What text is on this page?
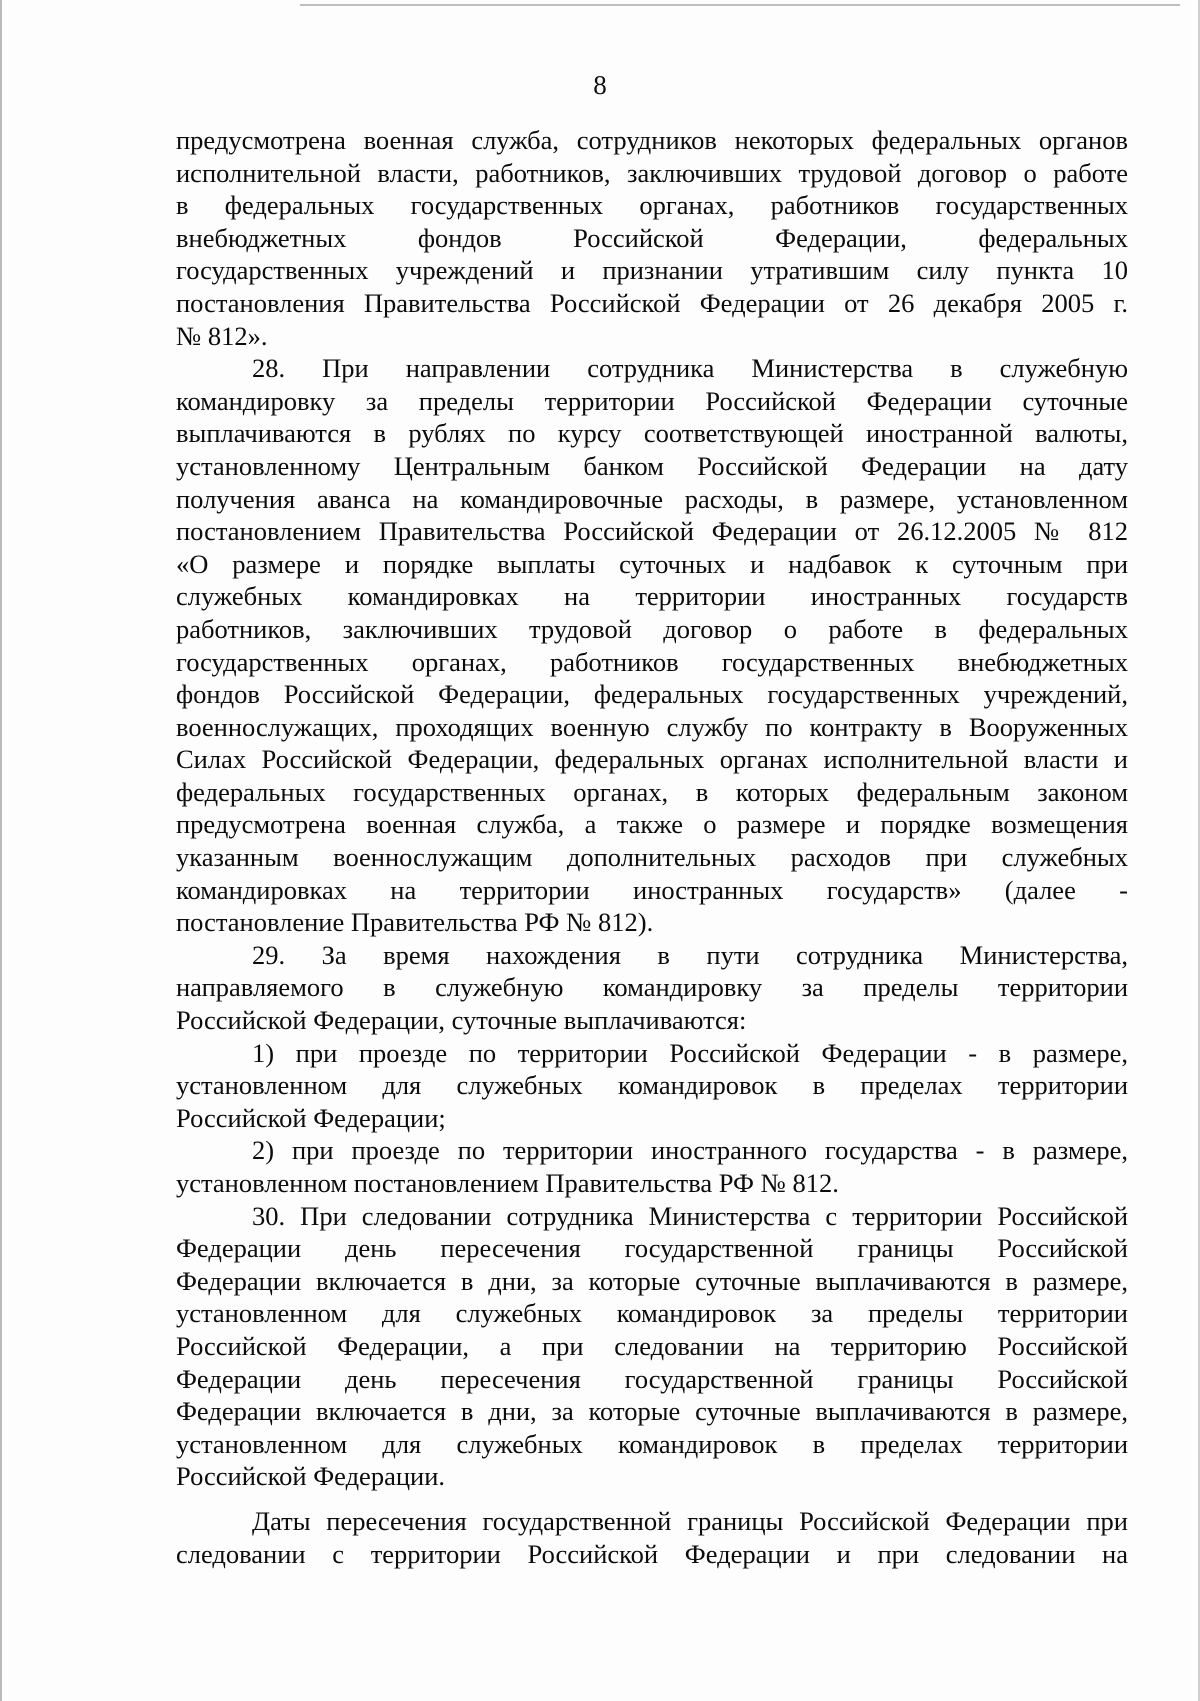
8

предусмотрена военная служба, сотрудников некоторых федеральных органов
исполнительной власти, работников, заключивших трудовой договор о работе
в федеральных государственных органах, работников государственных
внебюджетных фондов Российской Федерации, федеральных
государственных учреждений и признании утратившим силу пункта 10
постановления Правительства Российской Федерации от 26 декабря 2005 г.
№ 812».
28. При направлении сотрудника Министерства в служебную
командировку за пределы территории Российской Федерации суточные
выплачиваются в рублях по курсу соответствующей иностранной валюты,
установленному Центральным банком Российской Федерации на дату
получения аванса на командировочные расходы, в размере, установленном
постановлением Правительства Российской Федерации от 26.12.2005 № 812
«О размере и порядке выплаты суточных и надбавок к суточным при
служебных командировках на территории иностранных государств
работников, заключивших трудовой договор о работе в федеральных
государственных органах, работников государственных внебюджетных
фондов Российской Федерации, федеральных государственных учреждений,
военнослужащих, проходящих военную службу по контракту в Вооруженных
Силах Российской Федерации, федеральных органах исполнительной власти и
федеральных государственных органах, в которых федеральным законом
предусмотрена военная служба, а также о размере и порядке возмещения
указанным военнослужащим дополнительных расходов при служебных
командировках на территории иностранных государств» (далее -
постановление Правительства РФ № 812).
29. За время нахождения в пути сотрудника Министерства,
направляемого в служебную командировку за пределы территории
Российской Федерации, суточные выплачиваются:
1) при проезде по территории Российской Федерации - в размере,
установленном для служебных командировок в пределах территории
Российской Федерации;
2) при проезде по территории иностранного государства - в размере,
установленном постановлением Правительства РФ № 812.
30. При следовании сотрудника Министерства с территории Российской
Федерации день пересечения государственной границы Российской
Федерации включается в дни, за которые суточные выплачиваются в размере,
установленном для служебных командировок за пределы территории
Российской Федерации, а при следовании на территорию Российской
Федерации день пересечения государственной границы Российской
Федерации включается в дни, за которые суточные выплачиваются в размере,
установленном для служебных командировок в пределах территории
Российской Федерации.
Даты пересечения государственной границы Российской Федерации при
следовании с территории Российской Федерации и при следовании на
